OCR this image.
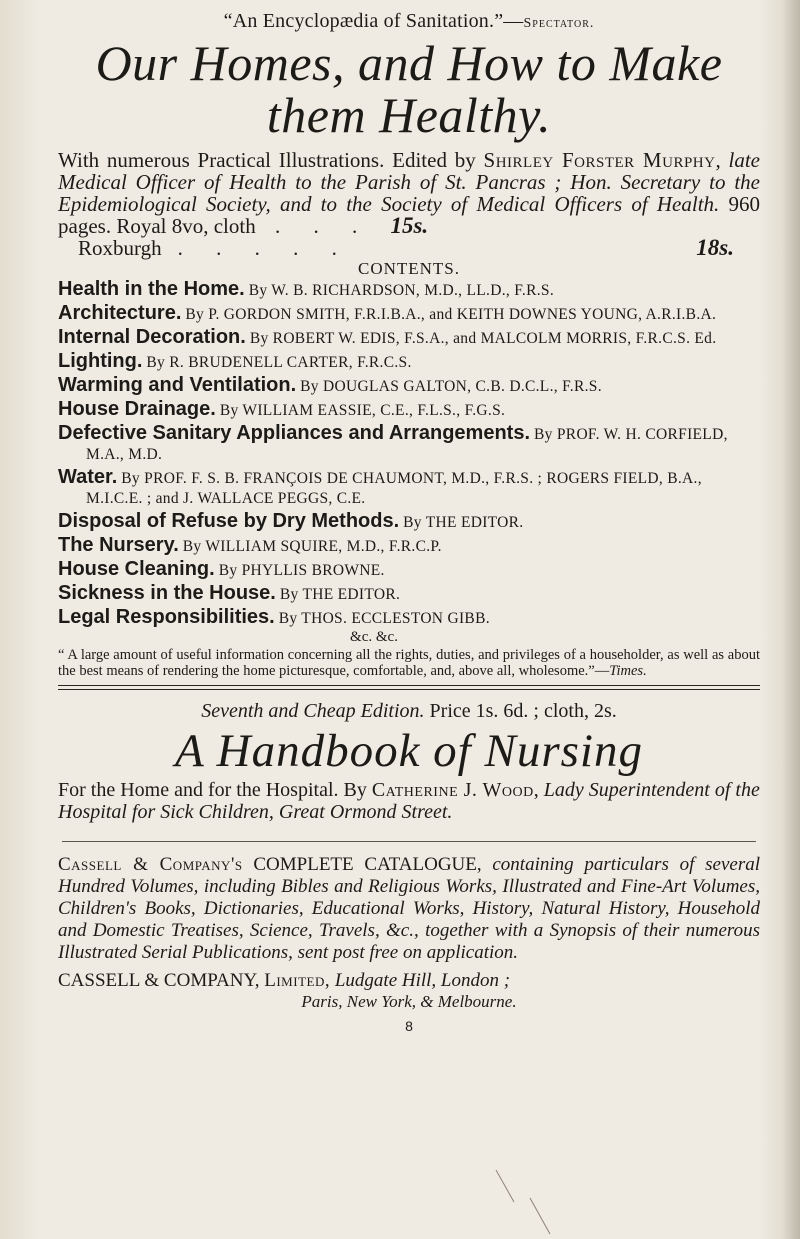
“An Encyclopædia of Sanitation.”—Spectator.
Our Homes, and How to Make
them Healthy.
With numerous Practical Illustrations. Edited by Shirley Forster Murphy, late Medical Officer of Health to the Parish of St. Pancras ; Hon. Secretary to the Epidemiological Society, and to the Society of Medical Officers of Health. 960 pages. Royal 8vo, cloth . . . 15s.
Roxburgh . . . . .	18s.
CONTENTS.
Health in the Home. By W. B. RICHARDSON, M.D., LL.D., F.R.S.
Architecture. By P. GORDON SMITH, F.R.I.B.A., and KEITH DOWNES YOUNG, A.R.I.B.A.
Internal Decoration. By ROBERT W. EDIS, F.S.A., and MALCOLM MORRIS, F.R.C.S. Ed.
Lighting. By R. BRUDENELL CARTER, F.R.C.S.
Warming and Ventilation. By DOUGLAS GALTON, C.B. D.C.L., F.R.S.
House Drainage. By WILLIAM EASSIE, C.E., F.L.S., F.G.S.
Defective Sanitary Appliances and Arrangements. By PROF. W. H. CORFIELD, M.A., M.D.
Water. By PROF. F. S. B. FRANÇOIS DE CHAUMONT, M.D., F.R.S. ; ROGERS FIELD, B.A., M.I.C.E. ; and J. WALLACE PEGGS, C.E.
Disposal of Refuse by Dry Methods. By THE EDITOR.
The Nursery. By WILLIAM SQUIRE, M.D., F.R.C.P.
House Cleaning. By PHYLLIS BROWNE.
Sickness in the House. By THE EDITOR.
Legal Responsibilities. By THOS. ECCLESTON GIBB.
&c. &c.
“ A large amount of useful information concerning all the rights, duties, and privileges of a householder, as well as about the best means of rendering the home picturesque, comfortable, and, above all, wholesome.”—Times.
Seventh and Cheap Edition. Price 1s. 6d. ; cloth, 2s.
A Handbook of Nursing
For the Home and for the Hospital. By Catherine J. Wood, Lady Superintendent of the Hospital for Sick Children, Great Ormond Street.
Cassell & Company's COMPLETE CATALOGUE, containing particulars of several Hundred Volumes, including Bibles and Religious Works, Illustrated and Fine-Art Volumes, Children's Books, Dictionaries, Educational Works, History, Natural History, Household and Domestic Treatises, Science, Travels, &c., together with a Synopsis of their numerous Illustrated Serial Publications, sent post free on application.
CASSELL & COMPANY, Limited, Ludgate Hill, London ;
Paris, New York, & Melbourne.
8
